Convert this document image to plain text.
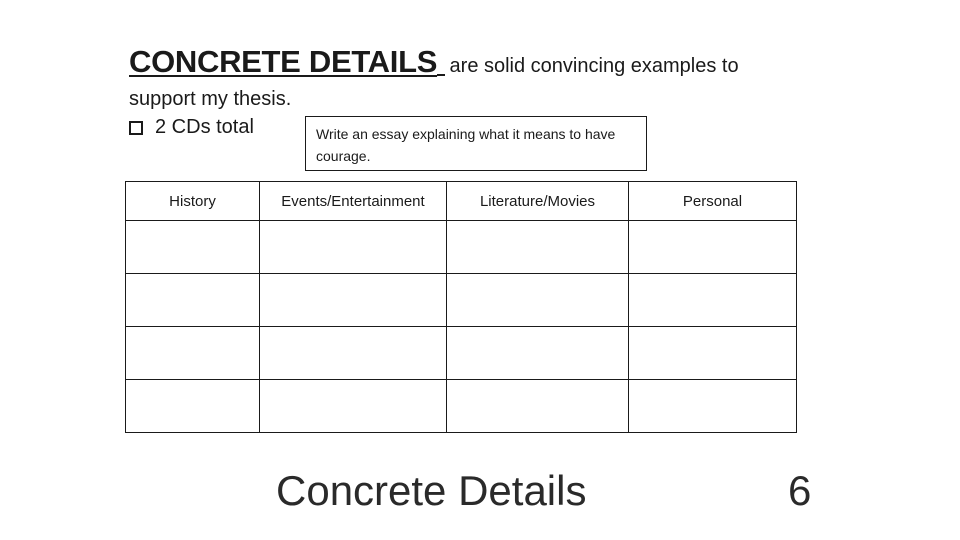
CONCRETE DETAILS are solid convincing examples to
support my thesis.
2 CDs total	Write an essay explaining what it means to have courage.
History	Events/Entertainment	Literature/Movies	Personal

Concrete Details	6
